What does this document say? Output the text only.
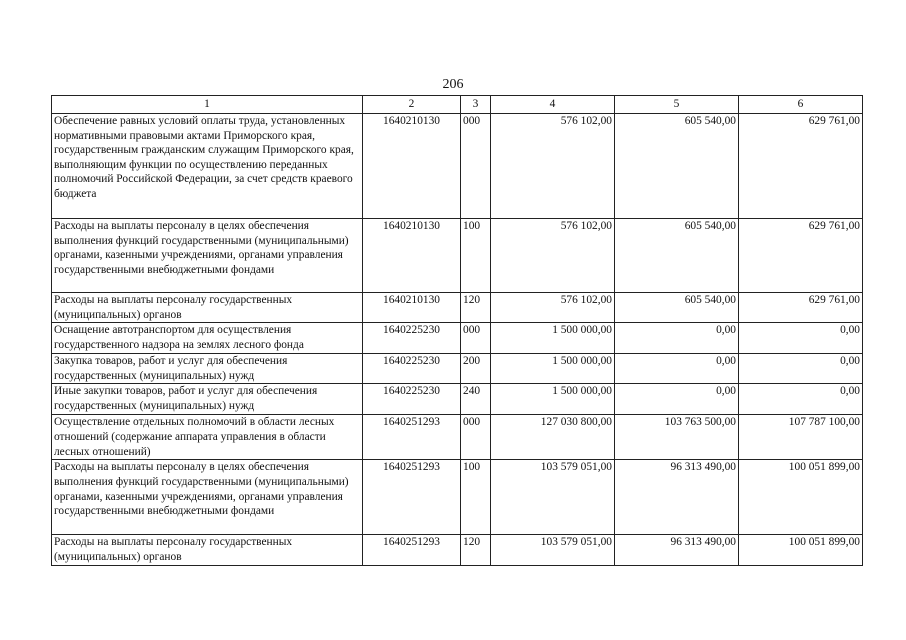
206
1	2	3	4	5	6
Обеспечение равных условий оплаты труда, установленных нормативными правовыми актами Приморского края, государственным гражданским служащим Приморского края, выполняющим функции по осуществлению переданных полномочий Российской Федерации, за счет средств краевого бюджета	1640210130	000	576 102,00	605 540,00	629 761,00
Расходы на выплаты персоналу в целях обеспечения выполнения функций государственными (муниципальными) органами, казенными учреждениями, органами управления государственными внебюджетными фондами	1640210130	100	576 102,00	605 540,00	629 761,00
Расходы на выплаты персоналу государственных (муниципальных) органов	1640210130	120	576 102,00	605 540,00	629 761,00
Оснащение автотранспортом для осуществления государственного надзора на землях лесного фонда	1640225230	000	1 500 000,00	0,00	0,00
Закупка товаров, работ и услуг для обеспечения государственных (муниципальных) нужд	1640225230	200	1 500 000,00	0,00	0,00
Иные закупки товаров, работ и услуг для обеспечения государственных (муниципальных) нужд	1640225230	240	1 500 000,00	0,00	0,00
Осуществление отдельных полномочий в области лесных отношений (содержание аппарата управления в области лесных отношений)	1640251293	000	127 030 800,00	103 763 500,00	107 787 100,00
Расходы на выплаты персоналу в целях обеспечения выполнения функций государственными (муниципальными) органами, казенными учреждениями, органами управления государственными внебюджетными фондами	1640251293	100	103 579 051,00	96 313 490,00	100 051 899,00
Расходы на выплаты персоналу государственных (муниципальных) органов	1640251293	120	103 579 051,00	96 313 490,00	100 051 899,00
